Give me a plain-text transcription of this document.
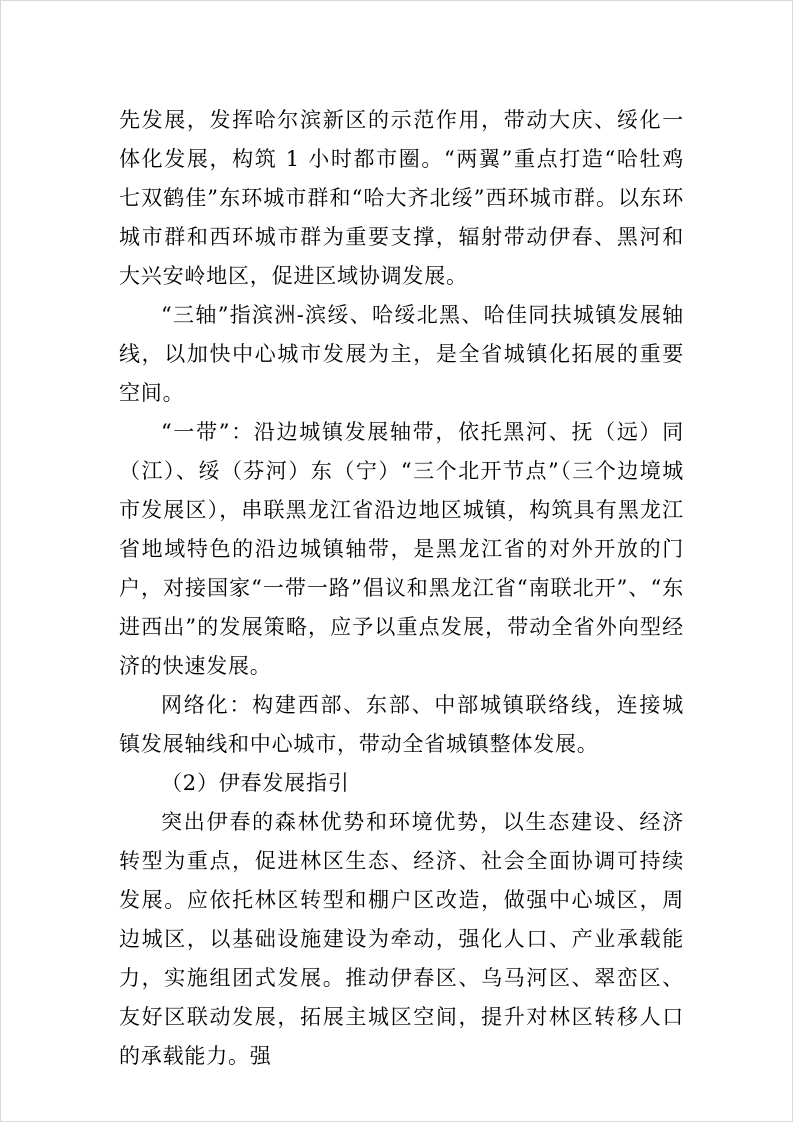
先发展，发挥哈尔滨新区的示范作用，带动大庆、绥化一体化发展，构筑 1 小时都市圈。“两翼”重点打造“哈牡鸡七双鹤佳”东环城市群和“哈大齐北绥”西环城市群。以东环城市群和西环城市群为重要支撑，辐射带动伊春、黑河和大兴安岭地区，促进区域协调发展。

“三轴”指滨洲-滨绥、哈绥北黑、哈佳同扶城镇发展轴线，以加快中心城市发展为主，是全省城镇化拓展的重要空间。

“一带”：沿边城镇发展轴带，依托黑河、抚（远）同（江）、绥（芬河）东（宁）“三个北开节点”（三个边境城市发展区），串联黑龙江省沿边地区城镇，构筑具有黑龙江省地域特色的沿边城镇轴带，是黑龙江省的对外开放的门户，对接国家“一带一路”倡议和黑龙江省“南联北开”、“东进西出”的发展策略，应予以重点发展，带动全省外向型经济的快速发展。

网络化：构建西部、东部、中部城镇联络线，连接城镇发展轴线和中心城市，带动全省城镇整体发展。

（2）伊春发展指引

突出伊春的森林优势和环境优势，以生态建设、经济转型为重点，促进林区生态、经济、社会全面协调可持续发展。应依托林区转型和棚户区改造，做强中心城区，周边城区，以基础设施建设为牵动，强化人口、产业承载能力，实施组团式发展。推动伊春区、乌马河区、翠峦区、友好区联动发展，拓展主城区空间，提升对林区转移人口的承载能力。强
